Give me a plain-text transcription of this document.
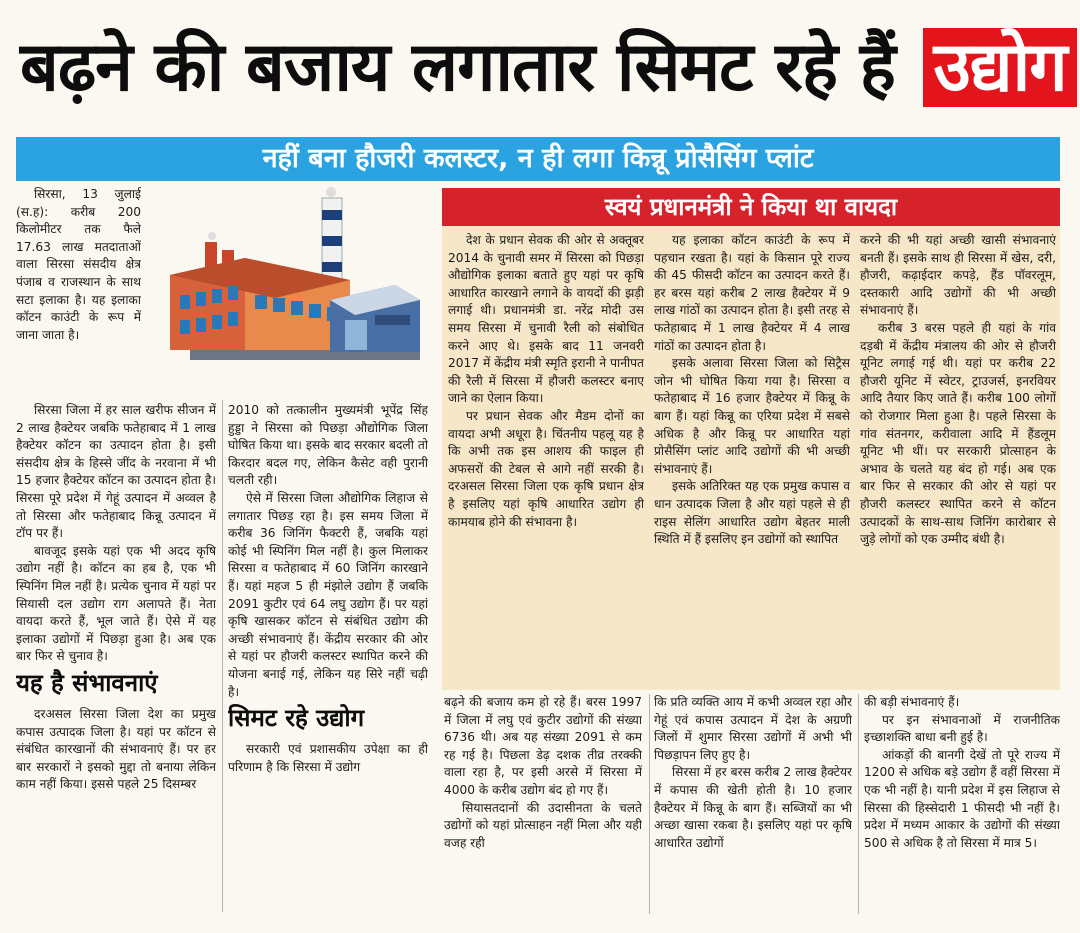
बढ़ने की बजाय लगातार सिमट रहे हैं उद्योग
नहीं बना हौजरी कलस्टर, न ही लगा किन्नू प्रोसैसिंग प्लांट

सिरसा, 13 जुलाई (स.ह): करीब 200 किलोमीटर तक फैले 17.63 लाख मतदाताओं वाला सिरसा संसदीय क्षेत्र पंजाब व राजस्थान के साथ सटा इलाका है। यह इलाका कॉटन काउंटी के रूप में जाना जाता है।

सिरसा जिला में हर साल खरीफ सीजन में 2 लाख हैक्टेयर जबकि फतेहाबाद में 1 लाख हैक्टेयर कॉटन का उत्पादन होता है। इसी संसदीय क्षेत्र के हिस्से जींद के नरवाना में भी 15 हजार हैक्टेयर कॉटन का उत्पादन होता है। सिरसा पूरे प्रदेश में गेहूं उत्पादन में अव्वल है तो सिरसा और फतेहाबाद किन्नू उत्पादन में टॉप पर हैं।

बावजूद इसके यहां एक भी अदद कृषि उद्योग नहीं है। कॉटन का हब है, एक भी स्पिनिंग मिल नहीं है। प्रत्येक चुनाव में यहां पर सियासी दल उद्योग राग अलापते हैं। नेता वायदा करते हैं, भूल जाते हैं। ऐसे में यह इलाका उद्योगों में पिछड़ा हुआ है। अब एक बार फिर से चुनाव है।

यह है संभावनाएं

दरअसल सिरसा जिला देश का प्रमुख कपास उत्पादक जिला है। यहां पर कॉटन से संबंधित कारखानों की संभावनाएं हैं। पर हर बार सरकारों ने इसको मुद्दा तो बनाया लेकिन काम नहीं किया। इससे पहले 25 दिसम्बर

2010 को तत्कालीन मुख्यमंत्री भूपेंद्र सिंह हुड्डा ने सिरसा को पिछड़ा औद्योगिक जिला घोषित किया था। इसके बाद सरकार बदली तो किरदार बदल गए, लेकिन कैसेट वही पुरानी चलती रही।

ऐसे में सिरसा जिला औद्योगिक लिहाज से लगातार पिछड़ रहा है। इस समय जिला में करीब 36 जिनिंग फैक्टरी हैं, जबकि यहां कोई भी स्पिनिंग मिल नहीं है। कुल मिलाकर सिरसा व फतेहाबाद में 60 जिनिंग कारखाने हैं। यहां महज 5 ही मंझोले उद्योग हैं जबकि 2091 कुटीर एवं 64 लघु उद्योग हैं। पर यहां कृषि खासकर कॉटन से संबंधित उद्योग की अच्छी संभावनाएं हैं। केंद्रीय सरकार की ओर से यहां पर हौजरी कलस्टर स्थापित करने की योजना बनाई गई, लेकिन यह सिरे नहीं चढ़ी है।

सिमट रहे उद्योग

सरकारी एवं प्रशासकीय उपेक्षा का ही परिणाम है कि सिरसा में उद्योग

स्वयं प्रधानमंत्री ने किया था वायदा

देश के प्रधान सेवक की ओर से अक्तूबर 2014 के चुनावी समर में सिरसा को पिछड़ा औद्योगिक इलाका बताते हुए यहां पर कृषि आधारित कारखाने लगाने के वायदों की झड़ी लगाई थी। प्रधानमंत्री डा. नरेंद्र मोदी उस समय सिरसा में चुनावी रैली को संबोधित करने आए थे। इसके बाद 11 जनवरी 2017 में केंद्रीय मंत्री स्मृति इरानी ने पानीपत की रैली में सिरसा में हौजरी कलस्टर बनाए जाने का ऐलान किया।

पर प्रधान सेवक और मैडम दोनों का वायदा अभी अधूरा है। चिंतनीय पहलू यह है कि अभी तक इस आशय की फाइल ही अफसरों की टेबल से आगे नहीं सरकी है। दरअसल सिरसा जिला एक कृषि प्रधान क्षेत्र है इसलिए यहां कृषि आधारित उद्योग ही कामयाब होने की संभावना है।

यह इलाका कॉटन काउंटी के रूप में पहचान रखता है। यहां के किसान पूरे राज्य की 45 फीसदी कॉटन का उत्पादन करते हैं। हर बरस यहां करीब 2 लाख हैक्टेयर में 9 लाख गांठों का उत्पादन होता है। इसी तरह से फतेहाबाद में 1 लाख हैक्टेयर में 4 लाख गांठों का उत्पादन होता है।

इसके अलावा सिरसा जिला को सिट्रैस जोन भी घोषित किया गया है। सिरसा व फतेहाबाद में 16 हजार हैक्टेयर में किन्नू के बाग हैं। यहां किन्नू का एरिया प्रदेश में सबसे अधिक है और किन्नू पर आधारित यहां प्रोसैसिंग प्लांट आदि उद्योगों की भी अच्छी संभावनाएं हैं।

इसके अतिरिक्त यह एक प्रमुख कपास व धान उत्पादक जिला है और यहां पहले से ही राइस सेलिंग आधारित उद्योग बेहतर माली स्थिति में हैं इसलिए इन उद्योगों को स्थापित

करने की भी यहां अच्छी खासी संभावनाएं बनती हैं। इसके साथ ही सिरसा में खेस, दरी, हौजरी, कढ़ाईदार कपड़े, हैंड पॉवरलूम, दस्तकारी आदि उद्योगों की भी अच्छी संभावनाएं हैं।

करीब 3 बरस पहले ही यहां के गांव दड़बी में केंद्रीय मंत्रालय की ओर से हौजरी यूनिट लगाई गई थी। यहां पर करीब 22 हौजरी यूनिट में स्वेटर, ट्राउजर्स, इनरवियर आदि तैयार किए जाते हैं। करीब 100 लोगों को रोजगार मिला हुआ है। पहले सिरसा के गांव संतनगर, करीवाला आदि में हैंडलूम यूनिट भी थीं। पर सरकारी प्रोत्साहन के अभाव के चलते यह बंद हो गई। अब एक बार फिर से सरकार की ओर से यहां पर हौजरी कलस्टर स्थापित करने से कॉटन उत्पादकों के साथ-साथ जिनिंग कारोबार से जुड़े लोगों को एक उम्मीद बंधी है।

बढ़ने की बजाय कम हो रहे हैं। बरस 1997 में जिला में लघु एवं कुटीर उद्योगों की संख्या 6736 थी। अब यह संख्या 2091 से कम रह गई है। पिछला डेढ़ दशक तीव्र तरक्की वाला रहा है, पर इसी अरसे में सिरसा में 4000 के करीब उद्योग बंद हो गए हैं।

सियासतदानों की उदासीनता के चलते उद्योगों को यहां प्रोत्साहन नहीं मिला और यही वजह रही

कि प्रति व्यक्ति आय में कभी अव्वल रहा और गेहूं एवं कपास उत्पादन में देश के अग्रणी जिलों में शुमार सिरसा उद्योगों में अभी भी पिछड़ापन लिए हुए है।

सिरसा में हर बरस करीब 2 लाख हैक्टेयर में कपास की खेती होती है। 10 हजार हैक्टेयर में किन्नू के बाग हैं। सब्जियों का भी अच्छा खासा रकबा है। इसलिए यहां पर कृषि आधारित उद्योगों

की बड़ी संभावनाएं हैं।

पर इन संभावनाओं में राजनीतिक इच्छाशक्ति बाधा बनी हुई है।

आंकड़ों की बानगी देखें तो पूरे राज्य में 1200 से अधिक बड़े उद्योग हैं वहीं सिरसा में एक भी नहीं है। यानी प्रदेश में इस लिहाज से सिरसा की हिस्सेदारी 1 फीसदी भी नहीं है। प्रदेश में मध्यम आकार के उद्योगों की संख्या 500 से अधिक है तो सिरसा में मात्र 5।
